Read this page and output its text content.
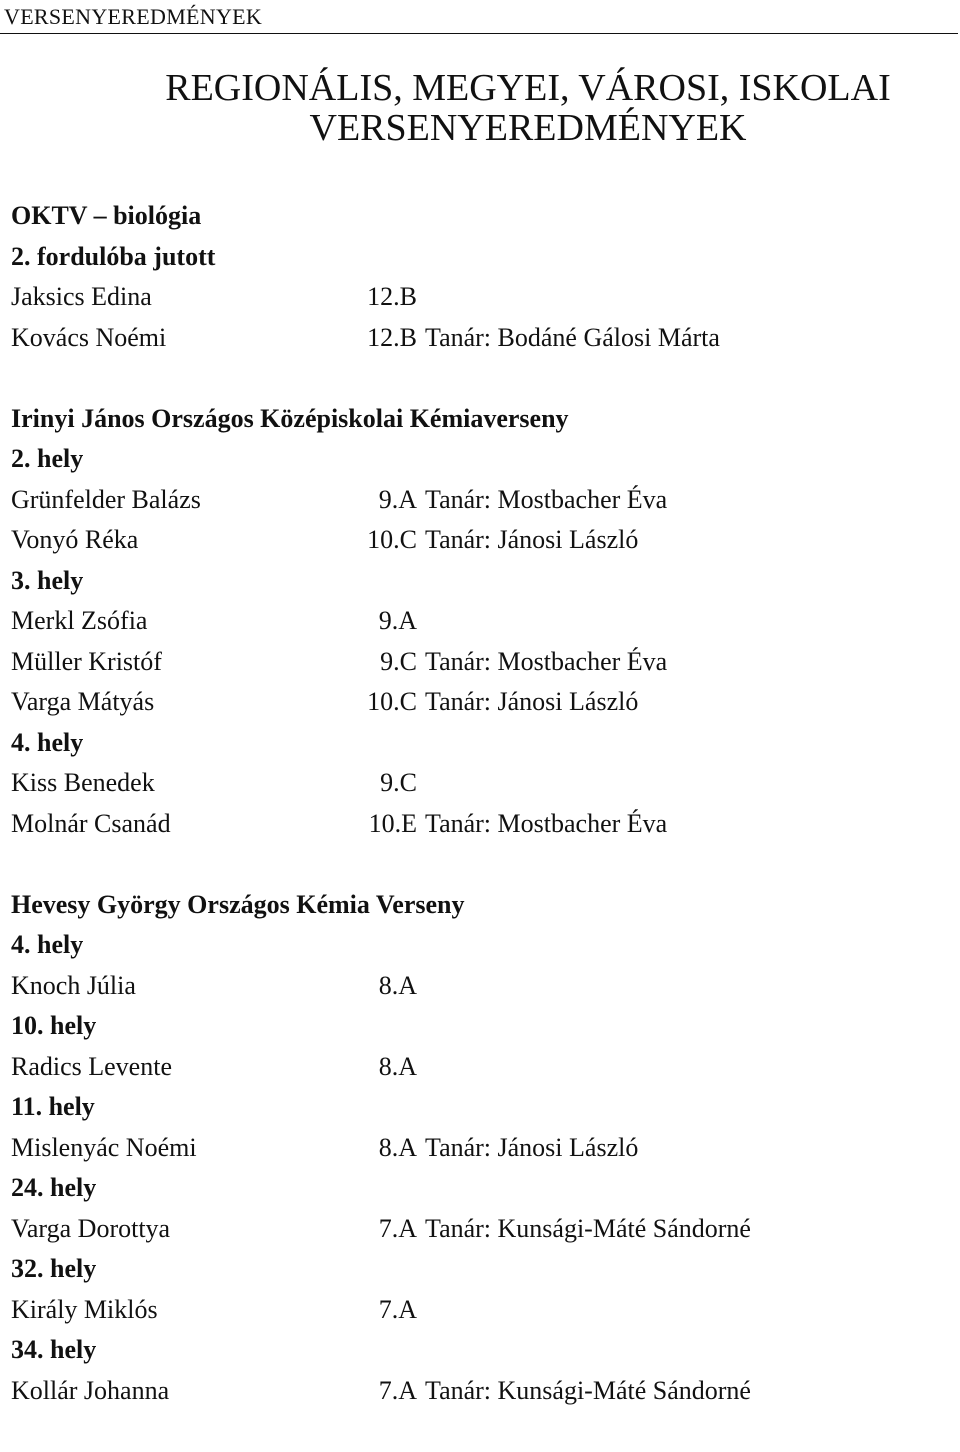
VERSENYEREDMÉNYEK
REGIONÁLIS, MEGYEI, VÁROSI, ISKOLAI
VERSENYEREDMÉNYEK
OKTV – biológia
2. fordulóba jutott
Jaksics Edina	12.B
Kovács Noémi	12.B Tanár: Bodáné Gálosi Márta
Irinyi János Országos Középiskolai Kémiaverseny
2. hely
Grünfelder Balázs	9.A Tanár: Mostbacher Éva
Vonyó Réka	10.C Tanár: Jánosi László
3. hely
Merkl Zsófia	9.A
Müller Kristóf	9.C Tanár: Mostbacher Éva
Varga Mátyás	10.C Tanár: Jánosi László
4. hely
Kiss Benedek	9.C
Molnár Csanád	10.E Tanár: Mostbacher Éva
Hevesy György Országos Kémia Verseny
4. hely
Knoch Júlia	8.A
10. hely
Radics Levente	8.A
11. hely
Mislenyác Noémi	8.A Tanár: Jánosi László
24. hely
Varga Dorottya	7.A Tanár: Kunsági-Máté Sándorné
32. hely
Király Miklós	7.A
34. hely
Kollár Johanna	7.A Tanár: Kunsági-Máté Sándorné
